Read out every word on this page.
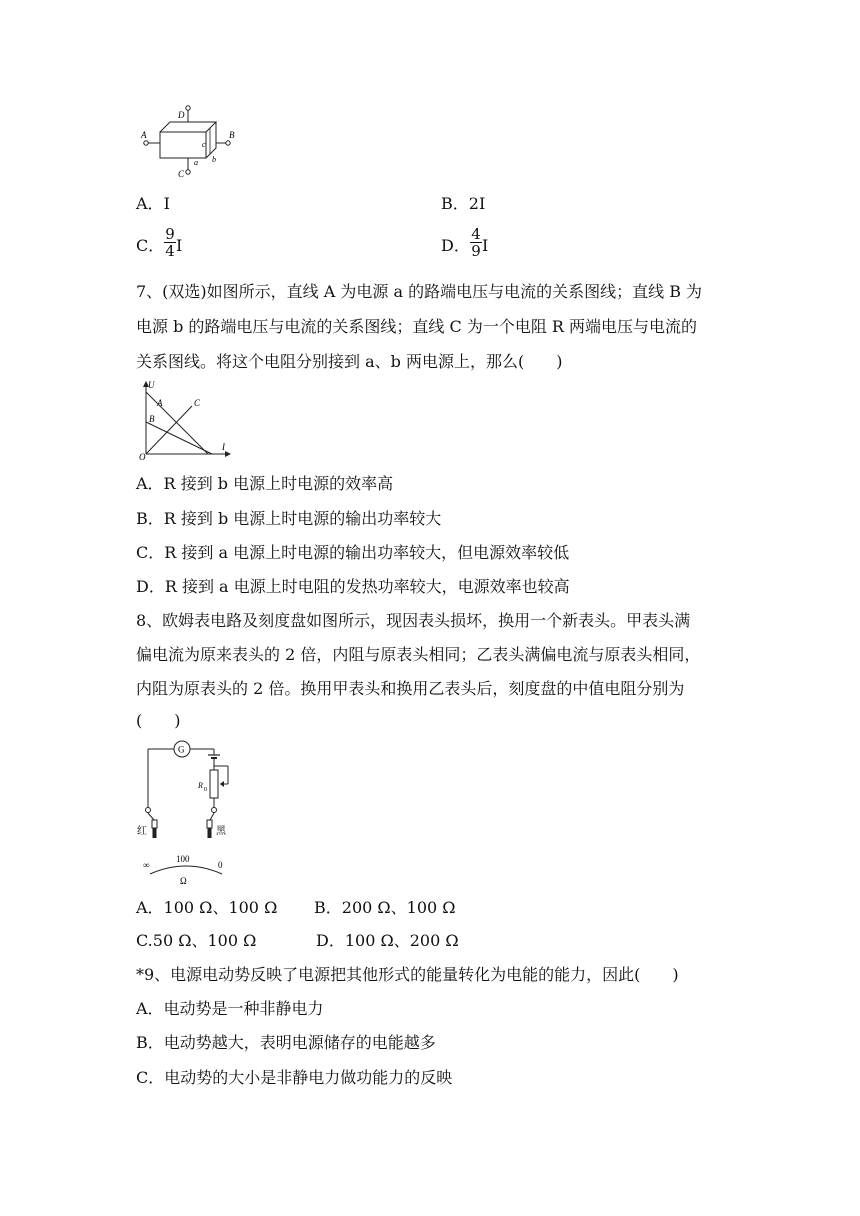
D
A	B
C
c
a b
A．I	B．2I
C． $\frac{9}{4}$ I	D． $\frac{4}{9}$ I
7、(双选)如图所示，直线 A 为电源 a 的路端电压与电流的关系图线；直线 B 为
电源 b 的路端电压与电流的关系图线；直线 C 为一个电阻 R 两端电压与电流的
关系图线。将这个电阻分别接到 a、b 两电源上，那么(　　)
U
A
B
C
O
I
A．R 接到 b 电源上时电源的效率高
B．R 接到 b 电源上时电源的输出功率较大
C．R 接到 a 电源上时电源的输出功率较大，但电源效率较低
D．R 接到 a 电源上时电阻的发热功率较大，电源效率也较高
8、欧姆表电路及刻度盘如图所示，现因表头损坏，换用一个新表头。甲表头满
偏电流为原来表头的 2 倍，内阻与原表头相同；乙表头满偏电流与原表头相同，
内阻为原表头的 2 倍。换用甲表头和换用乙表头后，刻度盘的中值电阻分别为
(　　)
G
R 0
红	黑
∞
100
0
Ω
A．100 Ω、100 Ω B．200 Ω、100 Ω
C.50 Ω、100 Ω	D．100 Ω、200 Ω
*9、电源电动势反映了电源把其他形式的能量转化为电能的能力，因此(　　)
A．电动势是一种非静电力
B．电动势越大，表明电源储存的电能越多
C．电动势的大小是非静电力做功能力的反映
